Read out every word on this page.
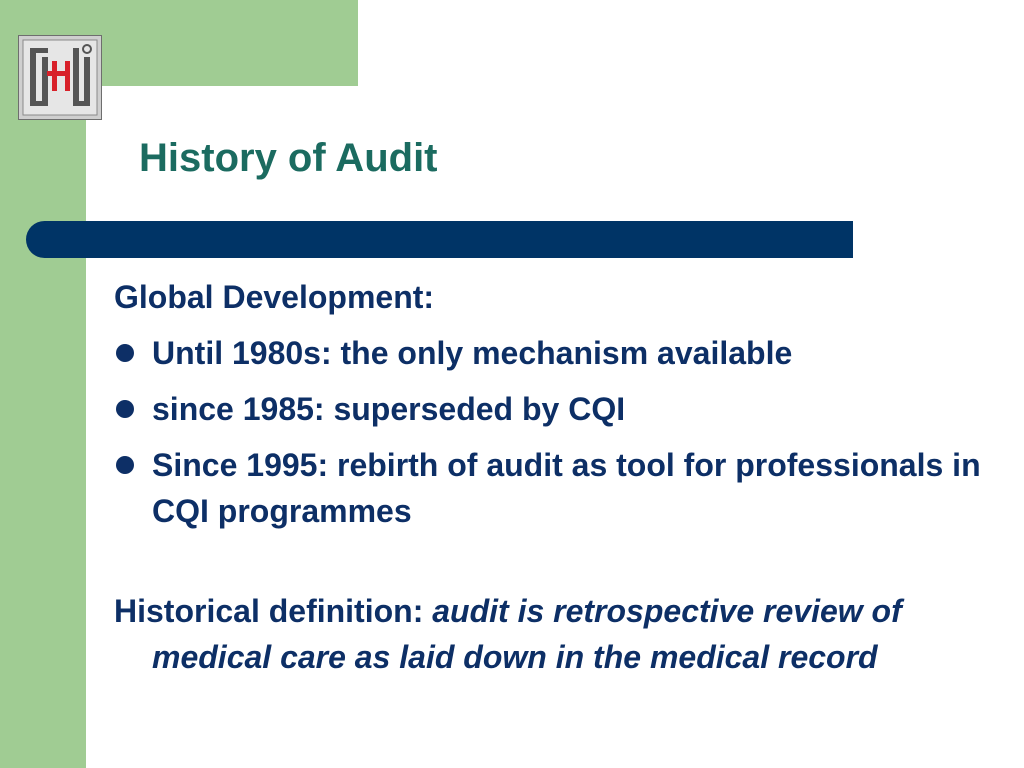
History of Audit

Global Development:

Until 1980s: the only mechanism available
since 1985: superseded by CQI
Since 1995: rebirth of audit as tool for professionals in CQI programmes

Historical definition: audit is retrospective review of medical care as laid down in the medical record
